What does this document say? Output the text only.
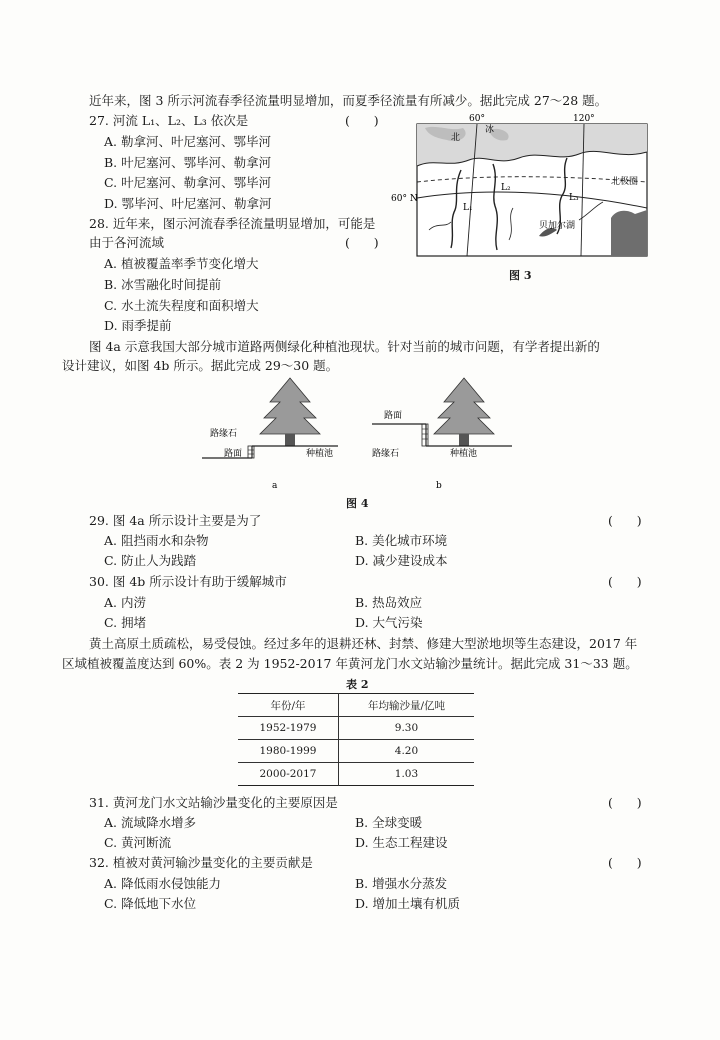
近年来，图 3 所示河流春季径流量明显增加，而夏季径流量有所减少。据此完成 27～28 题。
27. 河流 L₁、L₂、L₃ 依次是	(      )
A. 勒拿河、叶尼塞河、鄂毕河
B. 叶尼塞河、鄂毕河、勒拿河
C. 叶尼塞河、勒拿河、鄂毕河
D. 鄂毕河、叶尼塞河、勒拿河
28. 近年来，图示河流春季径流量明显增加，可能是
由于各河流域	(      )
A. 植被覆盖率季节变化增大
B. 冰雪融化时间提前
C. 水土流失程度和面积增大
D. 雨季提前
60°	120°
60° N
北极圈
贝加尔湖
L₁
L₂
L₃
北
冰
图 3
图 4a 示意我国大部分城市道路两侧绿化种植池现状。针对当前的城市问题，有学者提出新的
设计建议，如图 4b 所示。据此完成 29～30 题。
路缘石
路面	种植池
a
路面
路缘石	种植池
b
图 4
29. 图 4a 所示设计主要是为了	(      )
A. 阻挡雨水和杂物	B. 美化城市环境
C. 防止人为践踏	D. 减少建设成本
30. 图 4b 所示设计有助于缓解城市	(      )
A. 内涝	B. 热岛效应
C. 拥堵	D. 大气污染
黄土高原土质疏松，易受侵蚀。经过多年的退耕还林、封禁、修建大型淤地坝等生态建设，2017 年
区域植被覆盖度达到 60%。表 2 为 1952-2017 年黄河龙门水文站输沙量统计。据此完成 31～33 题。
表 2
年份/年	年均输沙量/亿吨
1952-1979	9.30
1980-1999	4.20
2000-2017	1.03
31. 黄河龙门水文站输沙量变化的主要原因是	(      )
A. 流域降水增多	B. 全球变暖
C. 黄河断流	D. 生态工程建设
32. 植被对黄河输沙量变化的主要贡献是	(      )
A. 降低雨水侵蚀能力	B. 增强水分蒸发
C. 降低地下水位	D. 增加土壤有机质
